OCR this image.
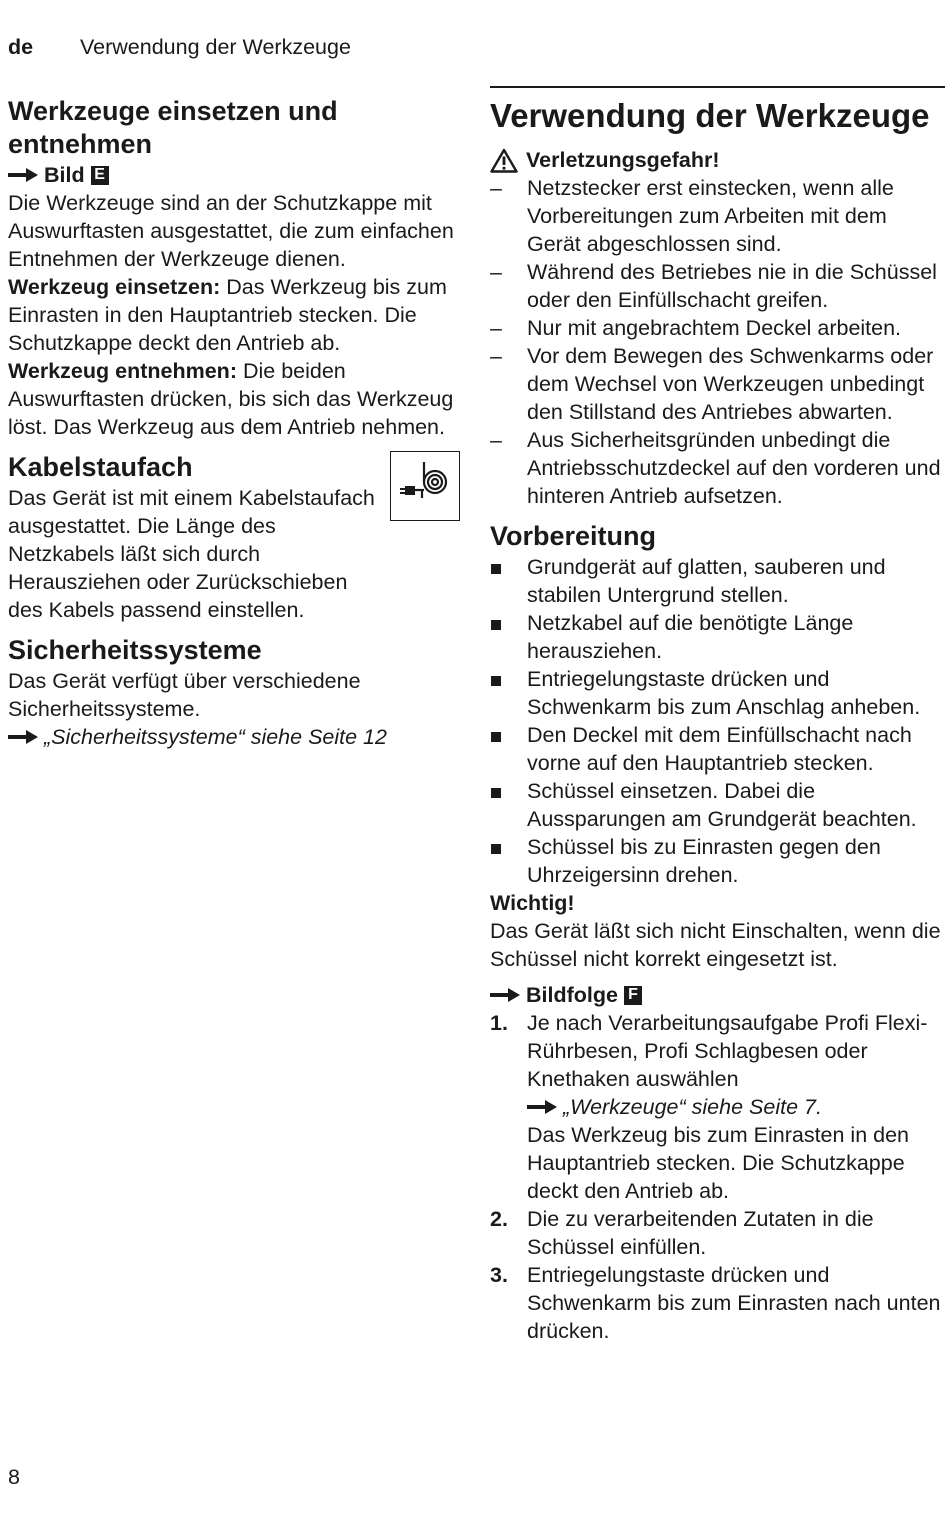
de Verwendung der Werkzeuge
Werkzeuge einsetzen und entnehmen
Bild E

Die Werkzeuge sind an der Schutzkappe mit Auswurftasten ausgestattet, die zum einfachen Entnehmen der Werkzeuge dienen.

Werkzeug einsetzen: Das Werkzeug bis zum Einrasten in den Hauptantrieb stecken. Die Schutzkappe deckt den Antrieb ab.

Werkzeug entnehmen: Die beiden Auswurftasten drücken, bis sich das Werkzeug löst. Das Werkzeug aus dem Antrieb nehmen.

Kabelstaufach

Das Gerät ist mit einem Kabelstaufach ausgestattet. Die Länge des Netzkabels läßt sich durch Herausziehen oder Zurückschieben des Kabels passend einstellen.

Sicherheitssysteme

Das Gerät verfügt über verschiedene Sicherheitssysteme.

„Sicherheitssysteme“ siehe Seite 12
Verwendung der Werkzeuge
Verletzungsgefahr!
– Netzstecker erst einstecken, wenn alle Vorbereitungen zum Arbeiten mit dem Gerät abgeschlossen sind.
– Während des Betriebes nie in die Schüssel oder den Einfüllschacht greifen.
– Nur mit angebrachtem Deckel arbeiten.
– Vor dem Bewegen des Schwenkarms oder dem Wechsel von Werkzeugen unbedingt den Stillstand des Antriebes abwarten.
– Aus Sicherheitsgründen unbedingt die Antriebsschutzdeckel auf den vorderen und hinteren Antrieb aufsetzen.
Vorbereitung
Grundgerät auf glatten, sauberen und stabilen Untergrund stellen.
Netzkabel auf die benötigte Länge herausziehen.
Entriegelungstaste drücken und Schwenkarm bis zum Anschlag anheben.
Den Deckel mit dem Einfüllschacht nach vorne auf den Hauptantrieb stecken.
Schüssel einsetzen. Dabei die Aussparungen am Grundgerät beachten.
Schüssel bis zu Einrasten gegen den Uhrzeigersinn drehen.

Wichtig!

Das Gerät läßt sich nicht Einschalten, wenn die Schüssel nicht korrekt eingesetzt ist.

Bildfolge F
1. Je nach Verarbeitungsaufgabe Profi Flexi-Rührbesen, Profi Schlagbesen oder Knethaken auswählen
„Werkzeuge“ siehe Seite 7.
Das Werkzeug bis zum Einrasten in den Hauptantrieb stecken. Die Schutzkappe deckt den Antrieb ab.
2. Die zu verarbeitenden Zutaten in die Schüssel einfüllen.
3. Entriegelungstaste drücken und Schwenkarm bis zum Einrasten nach unten drücken.
8
